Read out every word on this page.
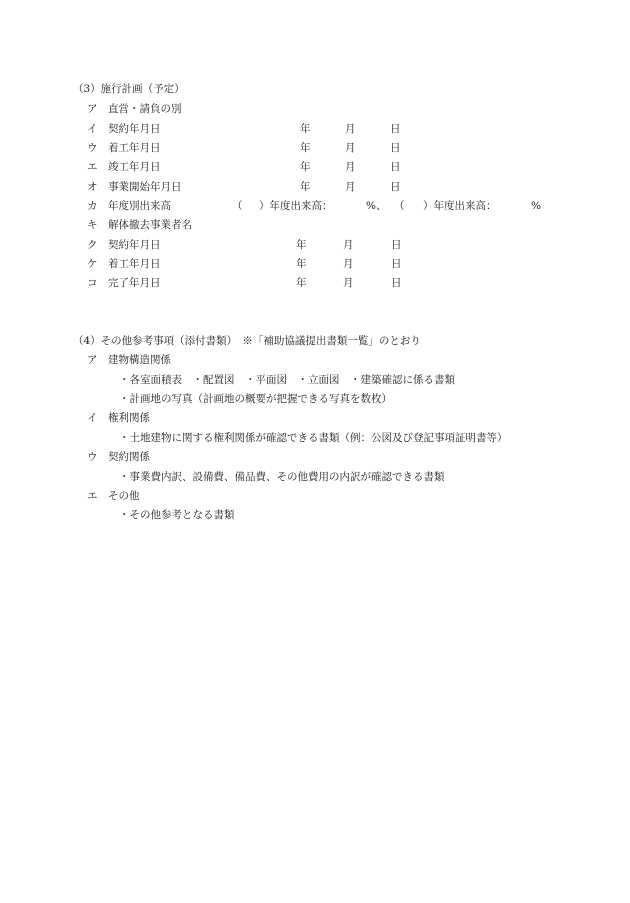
（3）施行計画（予定）
ア 直営・請負の別
イ 契約年月日	年	月	日
ウ 着工年月日	年	月	日
エ 竣工年月日	年	月	日
オ 事業開始年月日	年	月	日
カ 年度別出来高	（ ）年度出来高：	%、 （ ）年度出来高：	%
キ 解体撤去事業者名
ク 契約年月日	年	月	日
ケ 着工年月日	年	月	日
コ 完了年月日	年	月	日
（4）その他参考事項（添付書類）　※「補助協議提出書類一覧」のとおり
ア 建物構造関係
・各室面積表　・配置図　・平面図　・立面図　・建築確認に係る書類
・計画地の写真（計画地の概要が把握できる写真を数枚）
イ 権利関係
・土地建物に関する権利関係が確認できる書類（例：公図及び登記事項証明書等）
ウ 契約関係
・事業費内訳、設備費、備品費、その他費用の内訳が確認できる書類
エ その他
・その他参考となる書類
